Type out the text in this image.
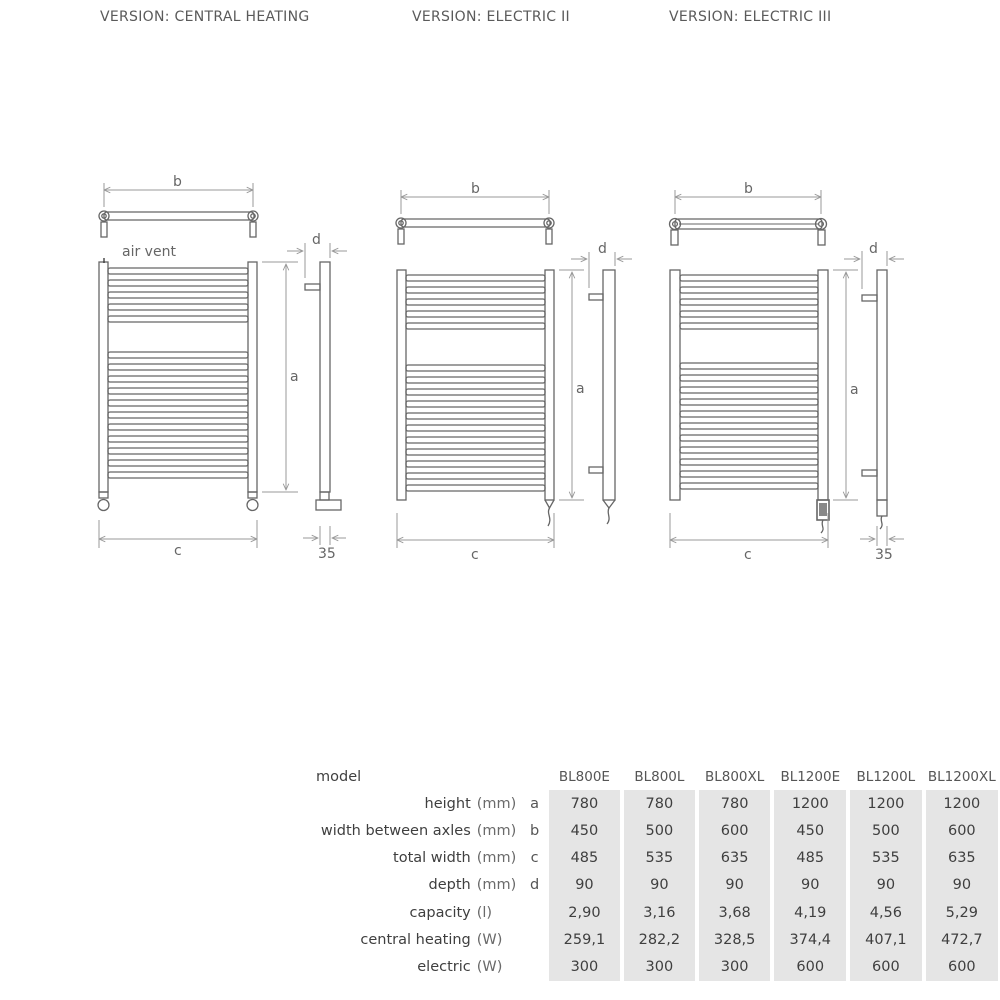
VERSION: CENTRAL HEATING	VERSION: ELECTRIC II	VERSION: ELECTRIC III
b
a
d
c	35
air vent
b
a
d
c
b
a
d
c	35
model			BL800E	BL800L	BL800XL	BL1200E	BL1200L	BL1200XL
height	(mm)	a	780	780	780	1200	1200	1200
width between axles	(mm)	b	450	500	600	450	500	600
total width	(mm)	c	485	535	635	485	535	635
depth	(mm)	d	90	90	90	90	90	90
capacity	(l)		2,90	3,16	3,68	4,19	4,56	5,29
central heating	(W)		259,1	282,2	328,5	374,4	407,1	472,7
electric	(W)		300	300	300	600	600	600
